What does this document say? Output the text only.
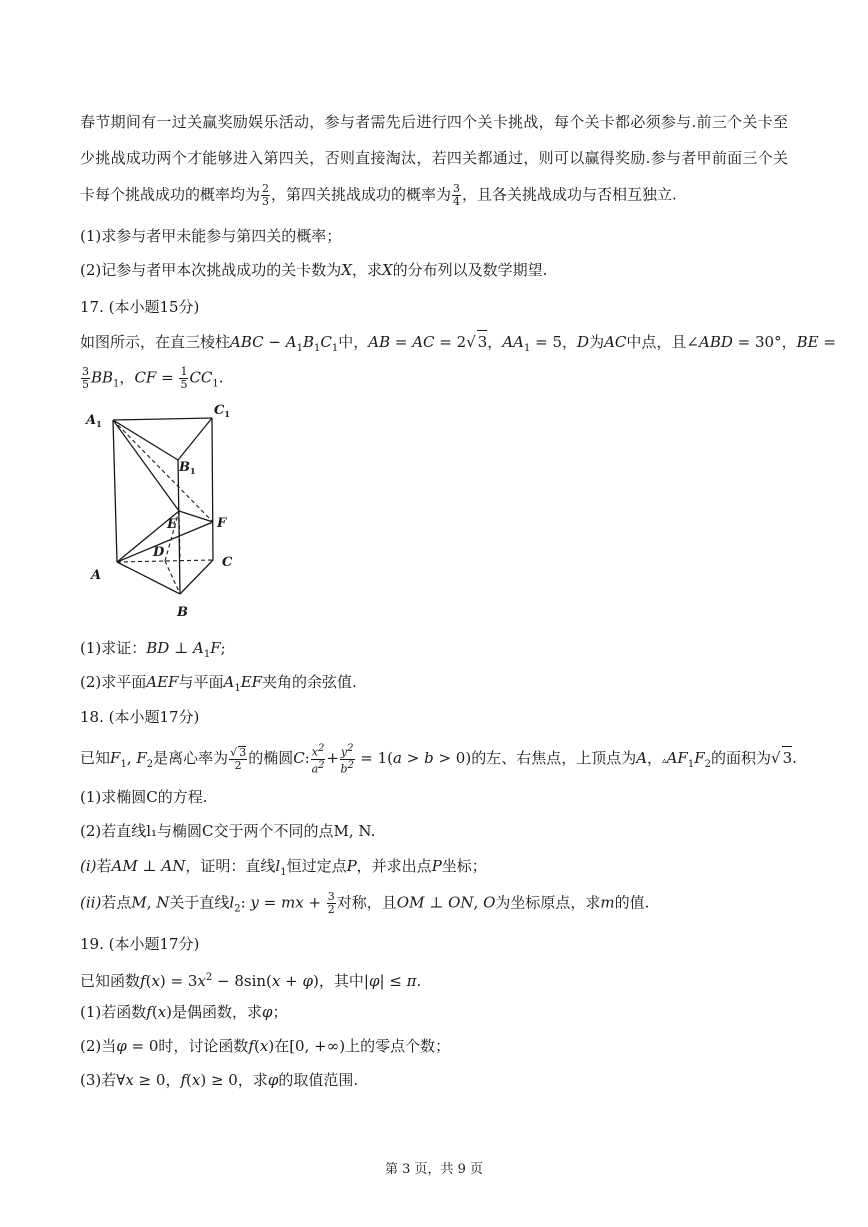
春节期间有一过关赢奖励娱乐活动，参与者需先后进行四个关卡挑战，每个关卡都必须参与.前三个关卡至
少挑战成功两个才能够进入第四关，否则直接淘汰，若四关都通过，则可以赢得奖励.参与者甲前面三个关
卡每个挑战成功的概率均为 $\frac{2}{3}$ ，第四关挑战成功的概率为 $\frac{3}{4}$ ，且各关挑战成功与否相互独立.
(1)求参与者甲未能参与第四关的概率；
(2)记参与者甲本次挑战成功的关卡数为X，求X的分布列以及数学期望.
17. (本小题15分)
如图所示，在直三棱柱ABC − $A_1B_1C_1$中，AB = AC = 2√ 3，$AA_1 = 5$，D为AC中点，且∠ABD = 30°，BE =
$\frac{3}{5} BB_1$，CF = $\frac{1}{5} CC_1$.
$A_1$
$C_1$
$B_1$
E	F
D
A
C
B
(1)求证：BD ⊥ $A_1F$;
(2)求平面AEF与平面$A_1EF$夹角的余弦值.
18. (本小题17分)
已知$F_1$, $F_2$是离心率为 $\frac{√ 3}{2}$ 的椭圆C: $\frac{x^2}{a^2} + \frac{y^2}{b^2} = 1(a > b > 0)$的左、右焦点，上顶点为A，$▵AF_1F_2$的面积为√ 3.
(1)求椭圆C的方程.
(2)若直线l₁与椭圆C交于两个不同的点M, N.
(i)若AM ⊥ AN，证明：直线$l_1$恒过定点P，并求出点P坐标；
(ii)若点M, N关于直线$l_2$: y = mx + $\frac{3}{2}$ 对称，且OM ⊥ ON, O为坐标原点，求m的值.
19. (本小题17分)
已知函数$f(x) = 3x^2 - 8\sin(x + \varphi)$，其中|φ| ≤ π.
(1)若函数f(x)是偶函数，求φ；
(2)当φ = 0时，讨论函数f(x)在[0, +∞)上的零点个数；
(3)若∀x ≥ 0，f(x) ≥ 0，求φ的取值范围.
第 3 页，共 9 页
